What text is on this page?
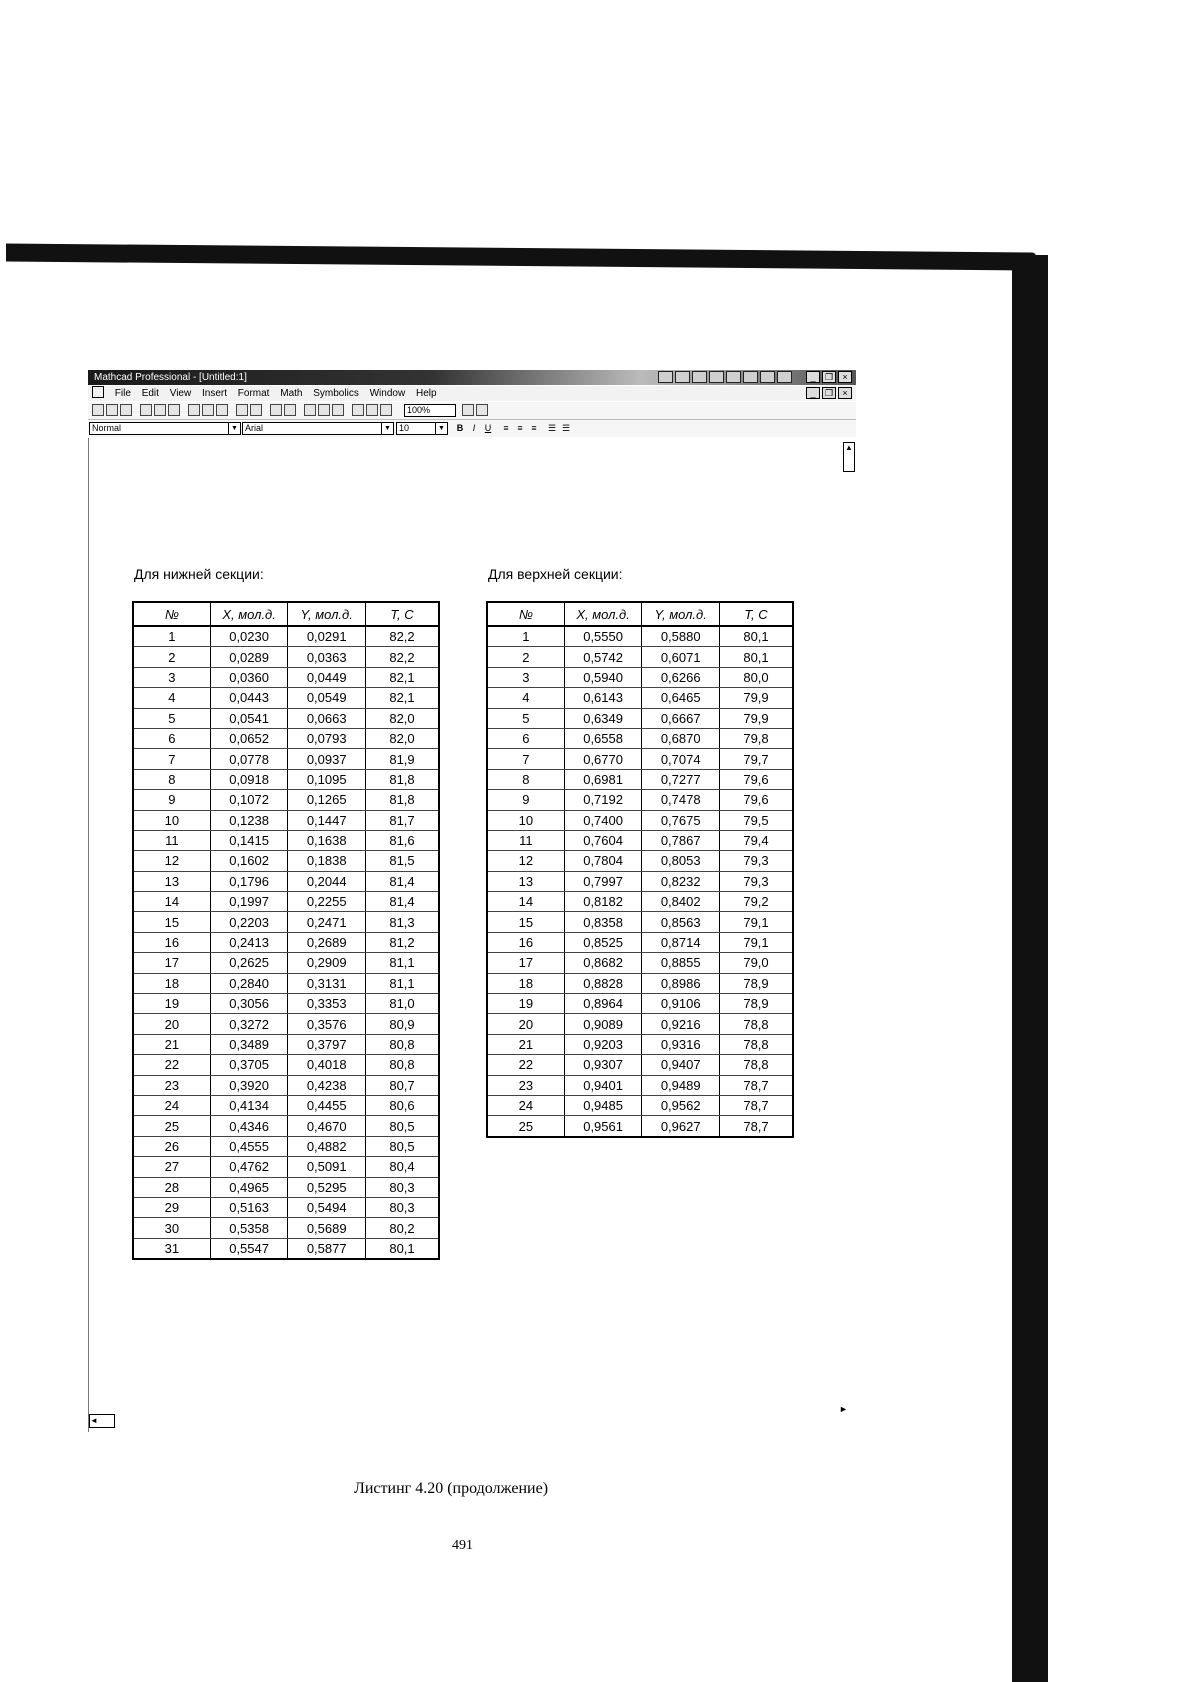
Mathcad Professional - [Untitled:1]	_	❐	×
File Edit View Insert Format Math Symbolics Window Help	_	❐	×
100%
Normal	▼ Arial	▼ 10	▼	B	I	U	≡ ≡ ≡	☰ ☰
▲
◄
►
Для нижней секции:	Для верхней секции:
№	X, мол.д.	Y, мол.д.	T, C
1	0,0230	0,0291	82,2
2	0,0289	0,0363	82,2
3	0,0360	0,0449	82,1
4	0,0443	0,0549	82,1
5	0,0541	0,0663	82,0
6	0,0652	0,0793	82,0
7	0,0778	0,0937	81,9
8	0,0918	0,1095	81,8
9	0,1072	0,1265	81,8
10	0,1238	0,1447	81,7
11	0,1415	0,1638	81,6
12	0,1602	0,1838	81,5
13	0,1796	0,2044	81,4
14	0,1997	0,2255	81,4
15	0,2203	0,2471	81,3
16	0,2413	0,2689	81,2
17	0,2625	0,2909	81,1
18	0,2840	0,3131	81,1
19	0,3056	0,3353	81,0
20	0,3272	0,3576	80,9
21	0,3489	0,3797	80,8
22	0,3705	0,4018	80,8
23	0,3920	0,4238	80,7
24	0,4134	0,4455	80,6
25	0,4346	0,4670	80,5
26	0,4555	0,4882	80,5
27	0,4762	0,5091	80,4
28	0,4965	0,5295	80,3
29	0,5163	0,5494	80,3
30	0,5358	0,5689	80,2
31	0,5547	0,5877	80,1
№	X, мол.д.	Y, мол.д.	T, C
1	0,5550	0,5880	80,1
2	0,5742	0,6071	80,1
3	0,5940	0,6266	80,0
4	0,6143	0,6465	79,9
5	0,6349	0,6667	79,9
6	0,6558	0,6870	79,8
7	0,6770	0,7074	79,7
8	0,6981	0,7277	79,6
9	0,7192	0,7478	79,6
10	0,7400	0,7675	79,5
11	0,7604	0,7867	79,4
12	0,7804	0,8053	79,3
13	0,7997	0,8232	79,3
14	0,8182	0,8402	79,2
15	0,8358	0,8563	79,1
16	0,8525	0,8714	79,1
17	0,8682	0,8855	79,0
18	0,8828	0,8986	78,9
19	0,8964	0,9106	78,9
20	0,9089	0,9216	78,8
21	0,9203	0,9316	78,8
22	0,9307	0,9407	78,8
23	0,9401	0,9489	78,7
24	0,9485	0,9562	78,7
25	0,9561	0,9627	78,7
Листинг 4.20 (продолжение)
491
